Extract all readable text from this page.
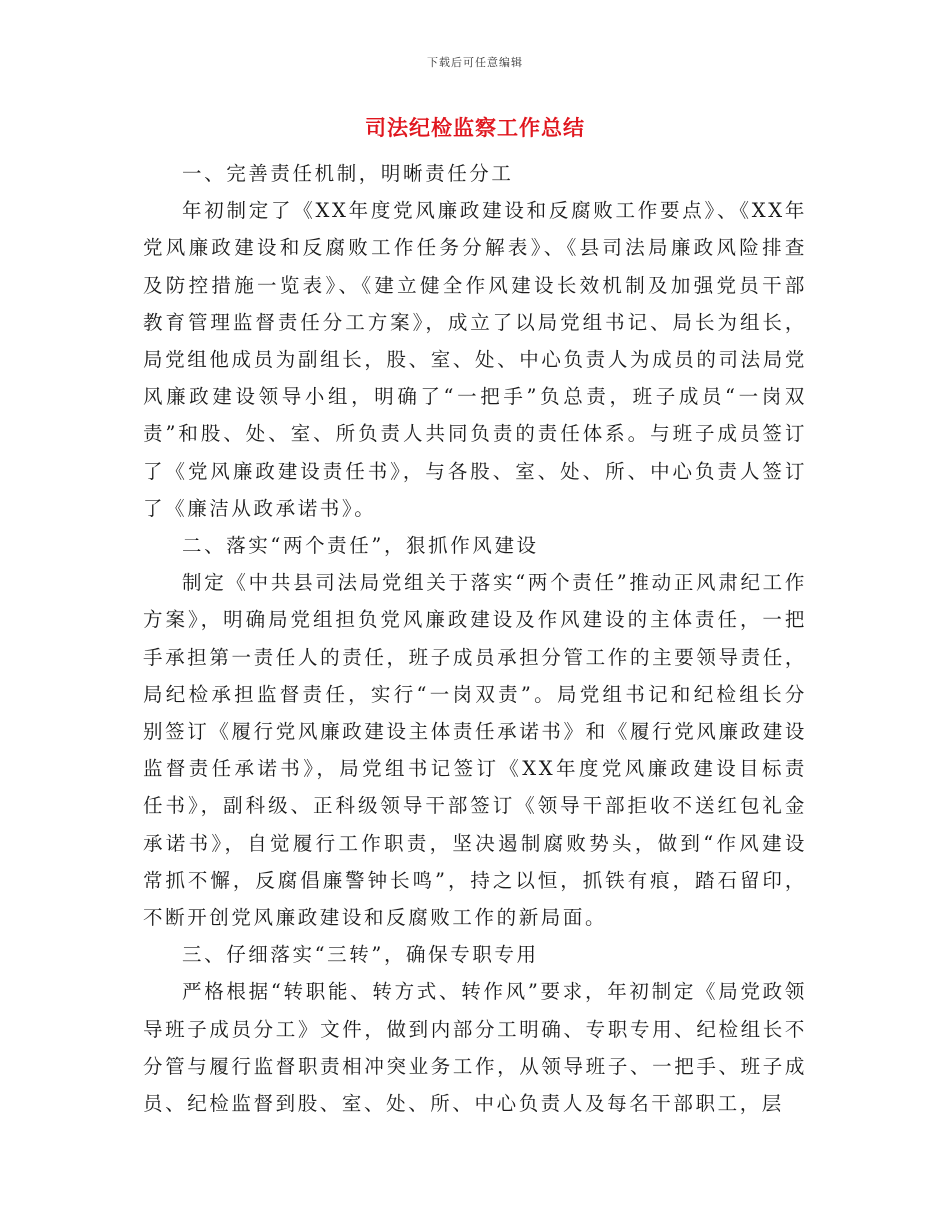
下载后可任意编辑
司法纪检监察工作总结

一、完善责任机制，明晰责任分工

年初制定了《XX年度党风廉政建设和反腐败工作要点》、《XX年党风廉政建设和反腐败工作任务分解表》、《县司法局廉政风险排查及防控措施一览表》、《建立健全作风建设长效机制及加强党员干部教育管理监督责任分工方案》，成立了以局党组书记、局长为组长，局党组他成员为副组长，股、室、处、中心负责人为成员的司法局党风廉政建设领导小组，明确了“一把手”负总责，班子成员“一岗双责”和股、处、室、所负责人共同负责的责任体系。与班子成员签订了《党风廉政建设责任书》，与各股、室、处、所、中心负责人签订了《廉洁从政承诺书》。

二、落实“两个责任”，狠抓作风建设

制定《中共县司法局党组关于落实“两个责任”推动正风肃纪工作方案》，明确局党组担负党风廉政建设及作风建设的主体责任，一把手承担第一责任人的责任，班子成员承担分管工作的主要领导责任，局纪检承担监督责任，实行“一岗双责”。局党组书记和纪检组长分别签订《履行党风廉政建设主体责任承诺书》和《履行党风廉政建设监督责任承诺书》，局党组书记签订《XX年度党风廉政建设目标责任书》，副科级、正科级领导干部签订《领导干部拒收不送红包礼金承诺书》，自觉履行工作职责，坚决遏制腐败势头，做到“作风建设常抓不懈，反腐倡廉警钟长鸣”，持之以恒，抓铁有痕，踏石留印，不断开创党风廉政建设和反腐败工作的新局面。

三、仔细落实“三转”，确保专职专用

严格根据“转职能、转方式、转作风”要求，年初制定《局党政领导班子成员分工》文件，做到内部分工明确、专职专用、纪检组长不分管与履行监督职责相冲突业务工作，从领导班子、一把手、班子成员、纪检监督到股、室、处、所、中心负责人及每名干部职工，层
